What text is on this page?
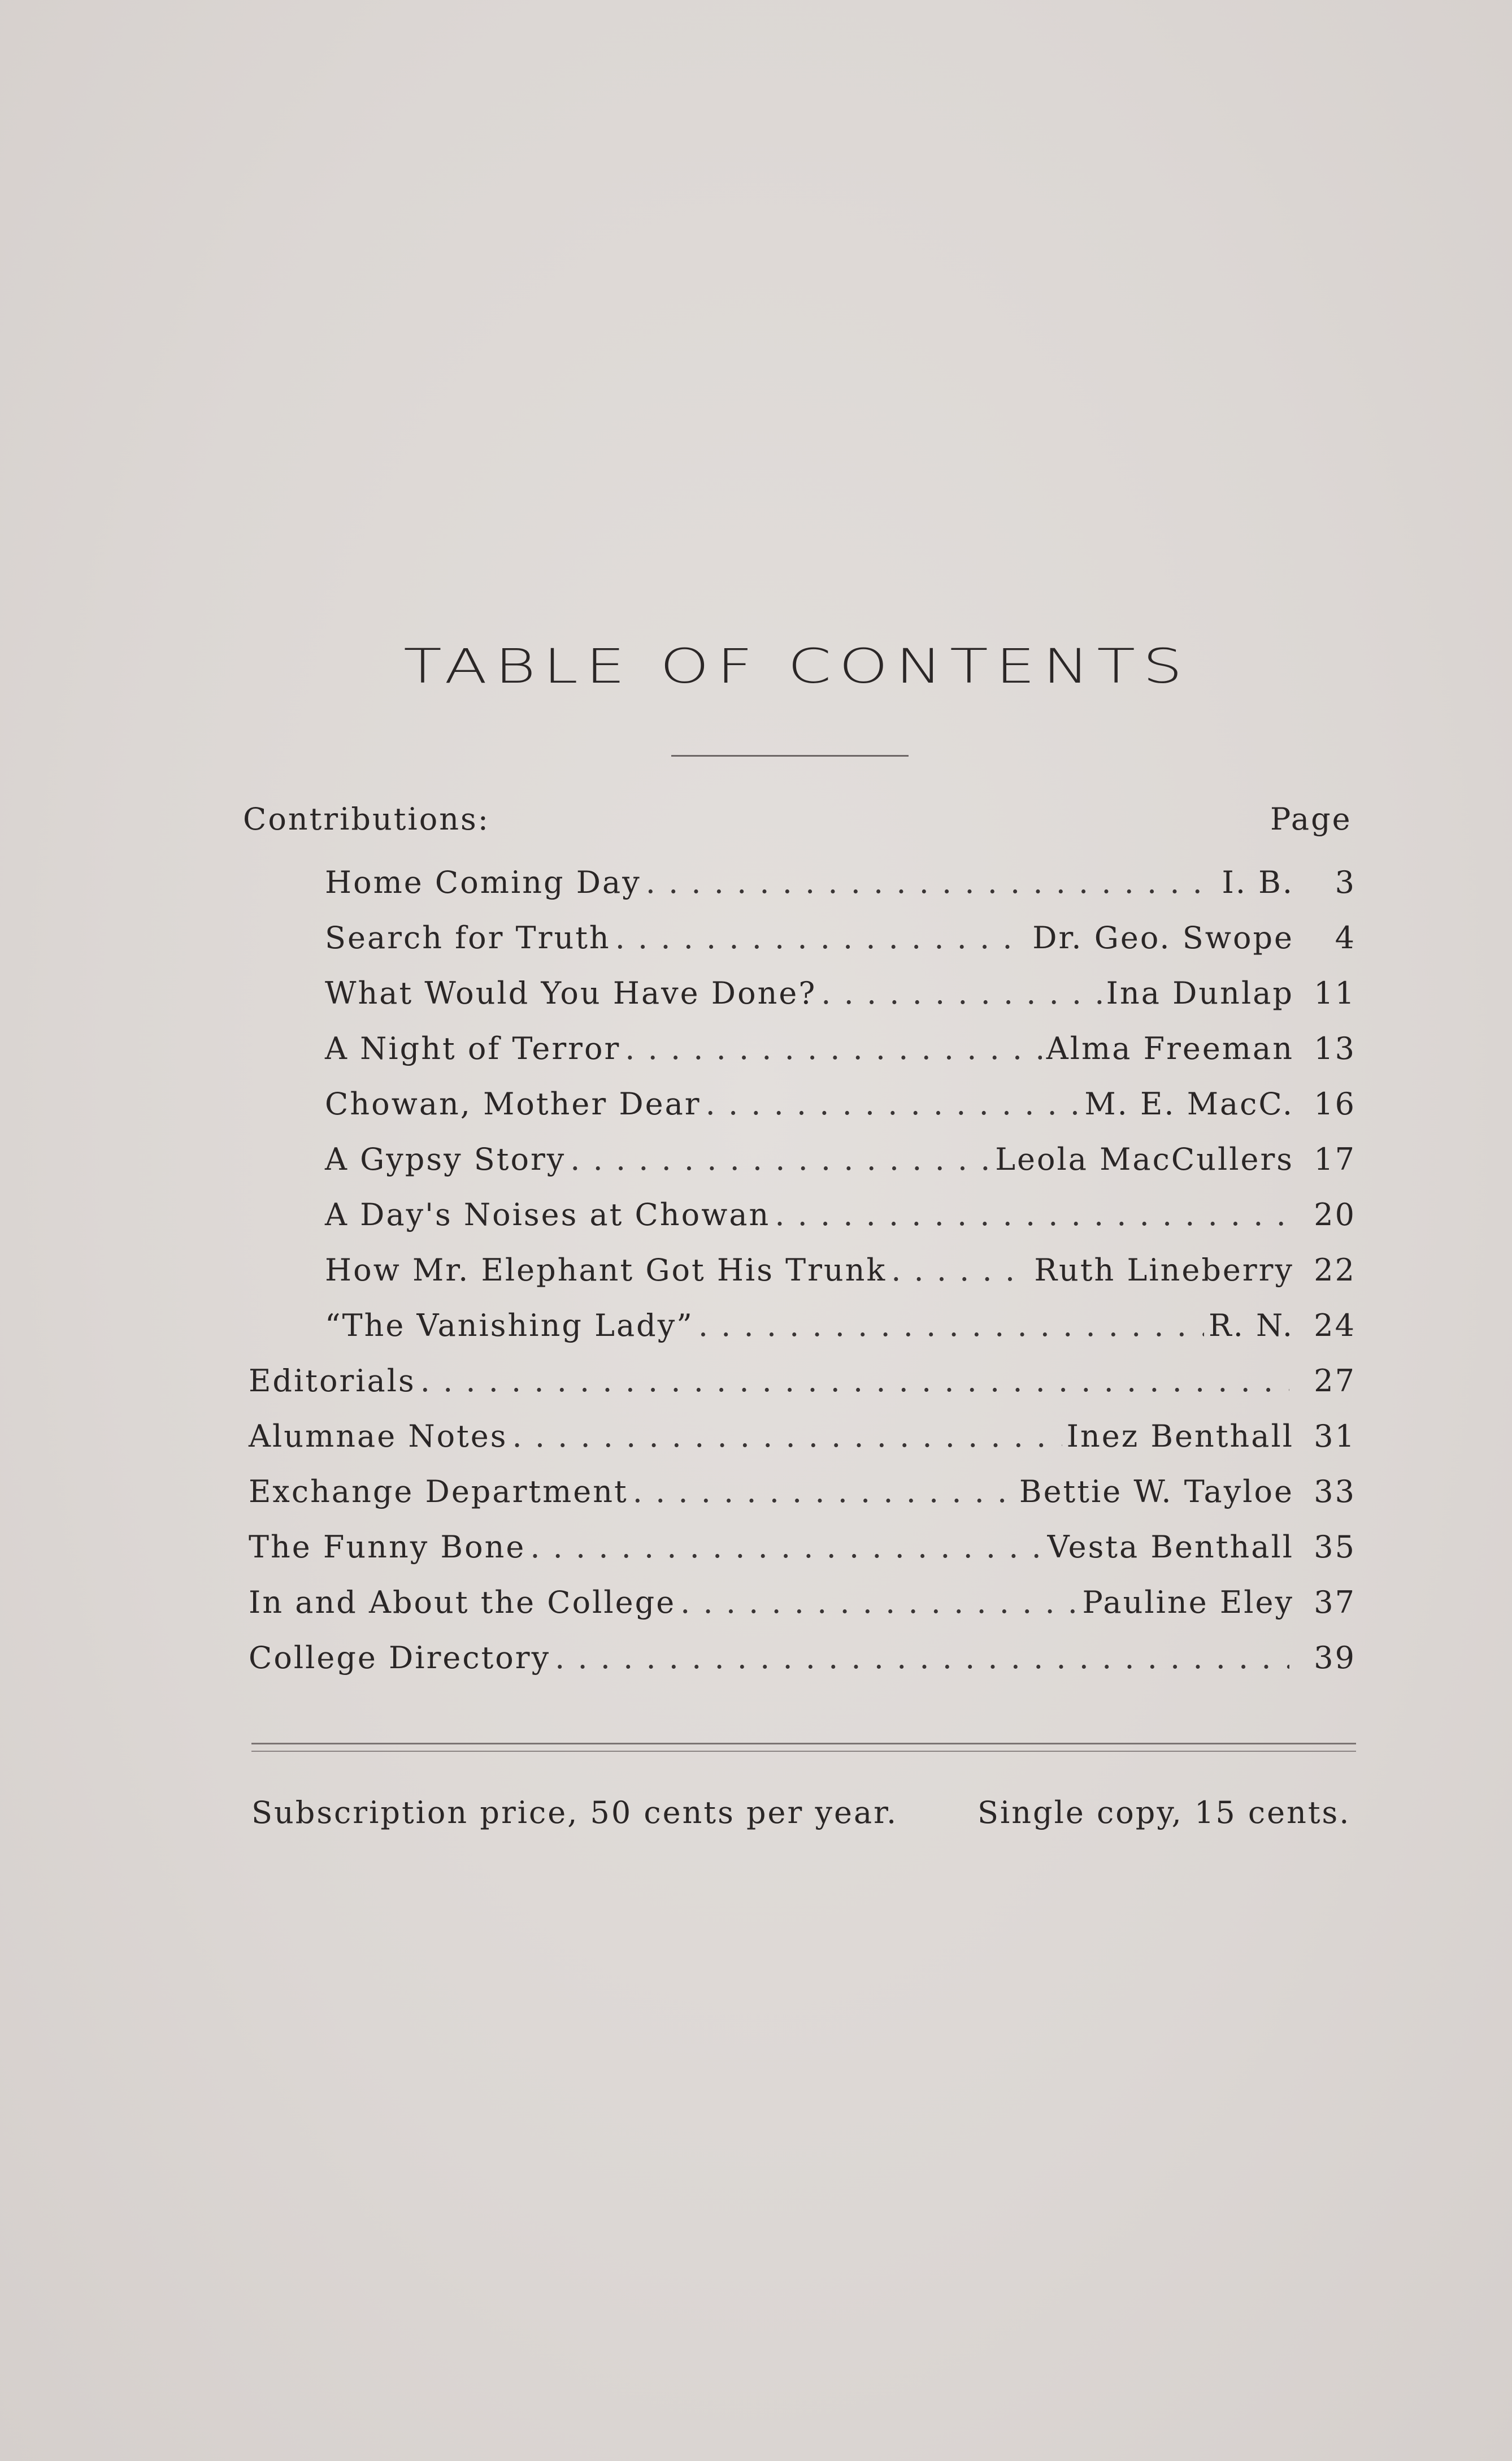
TABLE OF CONTENTS
Contributions:	Page
Home Coming Day . . .	I. B.	3
Search for Truth . . .	Dr. Geo. Swope	4
What Would You Have Done? . . .	Ina Dunlap 11
A Night of Terror . . .	Alma Freeman 13
Chowan, Mother Dear . . .	M. E. MacC. 16
A Gypsy Story . . .	Leola MacCullers 17
A Day's Noises at Chowan . . .	20
How Mr. Elephant Got His Trunk . . .	Ruth Lineberry 22
“The Vanishing Lady” . . .	R. N. 24
Editorials . . .	27
Alumnae Notes . . .	Inez Benthall 31
Exchange Department . . .	Bettie W. Tayloe 33
The Funny Bone . . .	Vesta Benthall 35
In and About the College . . .	Pauline Eley 37
College Directory . . .	39
Subscription price, 50 cents per year.	Single copy, 15 cents.
